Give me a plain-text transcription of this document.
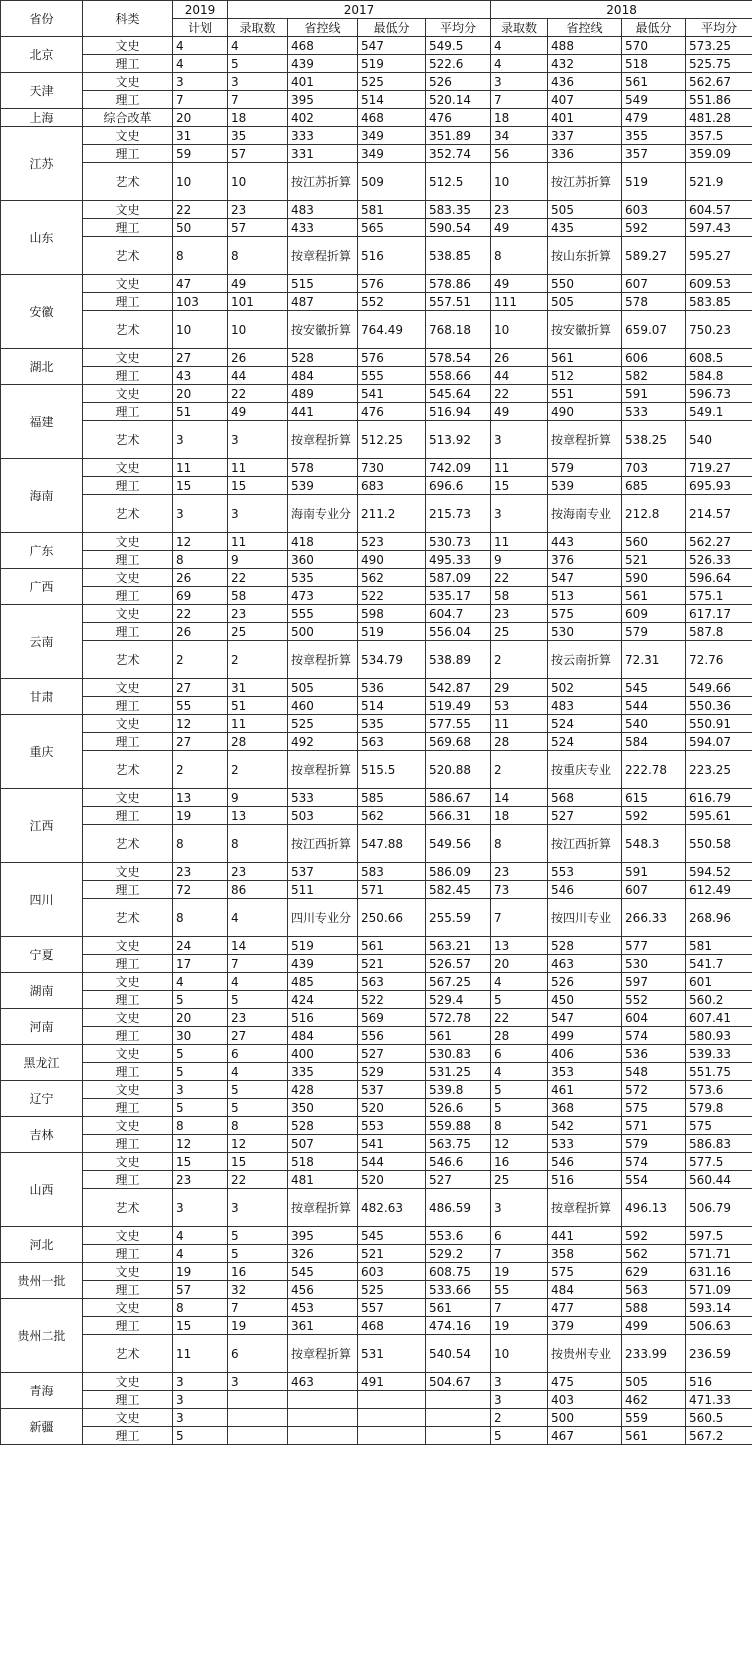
省份	科类	2019	2017				2018			
		计划	录取数	省控线	最低分	平均分	录取数	省控线	最低分	平均分
北京	文史	4	4	468	547	549.5	4	488	570	573.25
	理工	4	5	439	519	522.6	4	432	518	525.75
天津	文史	3	3	401	525	526	3	436	561	562.67
	理工	7	7	395	514	520.14	7	407	549	551.86
上海	综合改革	20	18	402	468	476	18	401	479	481.28
江苏	文史	31	35	333	349	351.89	34	337	355	357.5
	理工	59	57	331	349	352.74	56	336	357	359.09
	艺术	10	10	按江苏折算	509	512.5	10	按江苏折算	519	521.9
山东	文史	22	23	483	581	583.35	23	505	603	604.57
	理工	50	57	433	565	590.54	49	435	592	597.43
	艺术	8	8	按章程折算	516	538.85	8	按山东折算	589.27	595.27
安徽	文史	47	49	515	576	578.86	49	550	607	609.53
	理工	103	101	487	552	557.51	111	505	578	583.85
	艺术	10	10	按安徽折算	764.49	768.18	10	按安徽折算	659.07	750.23
湖北	文史	27	26	528	576	578.54	26	561	606	608.5
	理工	43	44	484	555	558.66	44	512	582	584.8
福建	文史	20	22	489	541	545.64	22	551	591	596.73
	理工	51	49	441	476	516.94	49	490	533	549.1
	艺术	3	3	按章程折算	512.25	513.92	3	按章程折算	538.25	540
海南	文史	11	11	578	730	742.09	11	579	703	719.27
	理工	15	15	539	683	696.6	15	539	685	695.93
	艺术	3	3	海南专业分	211.2	215.73	3	按海南专业	212.8	214.57
广东	文史	12	11	418	523	530.73	11	443	560	562.27
	理工	8	9	360	490	495.33	9	376	521	526.33
广西	文史	26	22	535	562	587.09	22	547	590	596.64
	理工	69	58	473	522	535.17	58	513	561	575.1
云南	文史	22	23	555	598	604.7	23	575	609	617.17
	理工	26	25	500	519	556.04	25	530	579	587.8
	艺术	2	2	按章程折算	534.79	538.89	2	按云南折算	72.31	72.76
甘肃	文史	27	31	505	536	542.87	29	502	545	549.66
	理工	55	51	460	514	519.49	53	483	544	550.36
重庆	文史	12	11	525	535	577.55	11	524	540	550.91
	理工	27	28	492	563	569.68	28	524	584	594.07
	艺术	2	2	按章程折算	515.5	520.88	2	按重庆专业	222.78	223.25
江西	文史	13	9	533	585	586.67	14	568	615	616.79
	理工	19	13	503	562	566.31	18	527	592	595.61
	艺术	8	8	按江西折算	547.88	549.56	8	按江西折算	548.3	550.58
四川	文史	23	23	537	583	586.09	23	553	591	594.52
	理工	72	86	511	571	582.45	73	546	607	612.49
	艺术	8	4	四川专业分	250.66	255.59	7	按四川专业	266.33	268.96
宁夏	文史	24	14	519	561	563.21	13	528	577	581
	理工	17	7	439	521	526.57	20	463	530	541.7
湖南	文史	4	4	485	563	567.25	4	526	597	601
	理工	5	5	424	522	529.4	5	450	552	560.2
河南	文史	20	23	516	569	572.78	22	547	604	607.41
	理工	30	27	484	556	561	28	499	574	580.93
黑龙江	文史	5	6	400	527	530.83	6	406	536	539.33
	理工	5	4	335	529	531.25	4	353	548	551.75
辽宁	文史	3	5	428	537	539.8	5	461	572	573.6
	理工	5	5	350	520	526.6	5	368	575	579.8
吉林	文史	8	8	528	553	559.88	8	542	571	575
	理工	12	12	507	541	563.75	12	533	579	586.83
山西	文史	15	15	518	544	546.6	16	546	574	577.5
	理工	23	22	481	520	527	25	516	554	560.44
	艺术	3	3	按章程折算	482.63	486.59	3	按章程折算	496.13	506.79
河北	文史	4	5	395	545	553.6	6	441	592	597.5
	理工	4	5	326	521	529.2	7	358	562	571.71
贵州一批	文史	19	16	545	603	608.75	19	575	629	631.16
	理工	57	32	456	525	533.66	55	484	563	571.09
贵州二批	文史	8	7	453	557	561	7	477	588	593.14
	理工	15	19	361	468	474.16	19	379	499	506.63
	艺术	11	6	按章程折算	531	540.54	10	按贵州专业	233.99	236.59
青海	文史	3	3	463	491	504.67	3	475	505	516
	理工	3					3	403	462	471.33
新疆	文史	3					2	500	559	560.5
	理工	5					5	467	561	567.2
